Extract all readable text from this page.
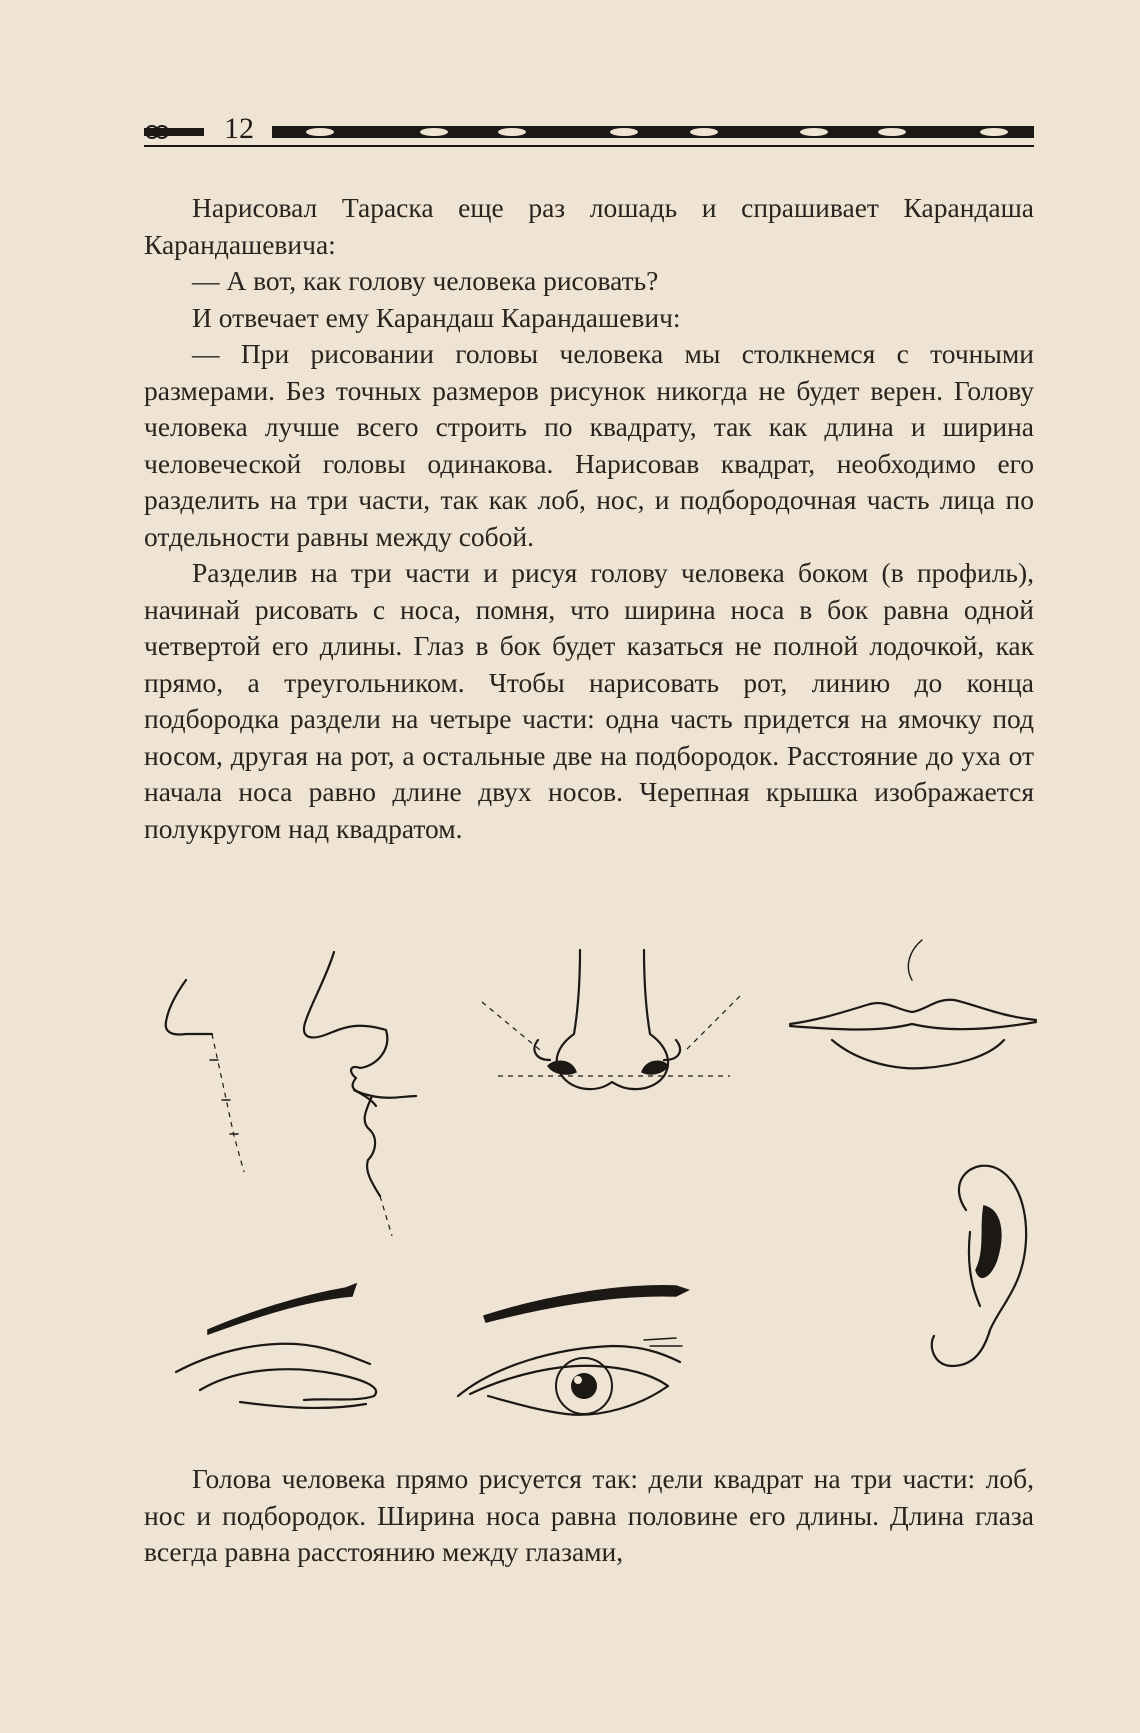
12

Нарисовал Тараска еще раз лошадь и спрашивает Карандаша Карандашевича:

— А вот, как голову человека рисовать?

И отвечает ему Карандаш Карандашевич:

— При рисовании головы человека мы столкнемся с точными размерами. Без точных размеров рисунок никогда не будет верен. Голову человека лучше всего строить по квадрату, так как длина и ширина человеческой головы одинакова. Нарисовав квадрат, необходимо его разделить на три части, так как лоб, нос, и подбородочная часть лица по отдельности равны между собой.

Разделив на три части и рисуя голову человека боком (в профиль), начинай рисовать с носа, помня, что ширина носа в бок равна одной четвертой его длины. Глаз в бок будет казаться не полной лодочкой, как прямо, а треугольником. Чтобы нарисовать рот, линию до конца подбородка раздели на четыре части: одна часть придется на ямочку под носом, другая на рот, а остальные две на подбородок. Расстояние до уха от начала носа равно длине двух носов. Черепная крышка изображается полукругом над квадратом.

Голова человека прямо рисуется так: дели квадрат на три части: лоб, нос и подбородок. Ширина носа равна половине его длины. Длина глаза всегда равна расстоянию между глазами,
